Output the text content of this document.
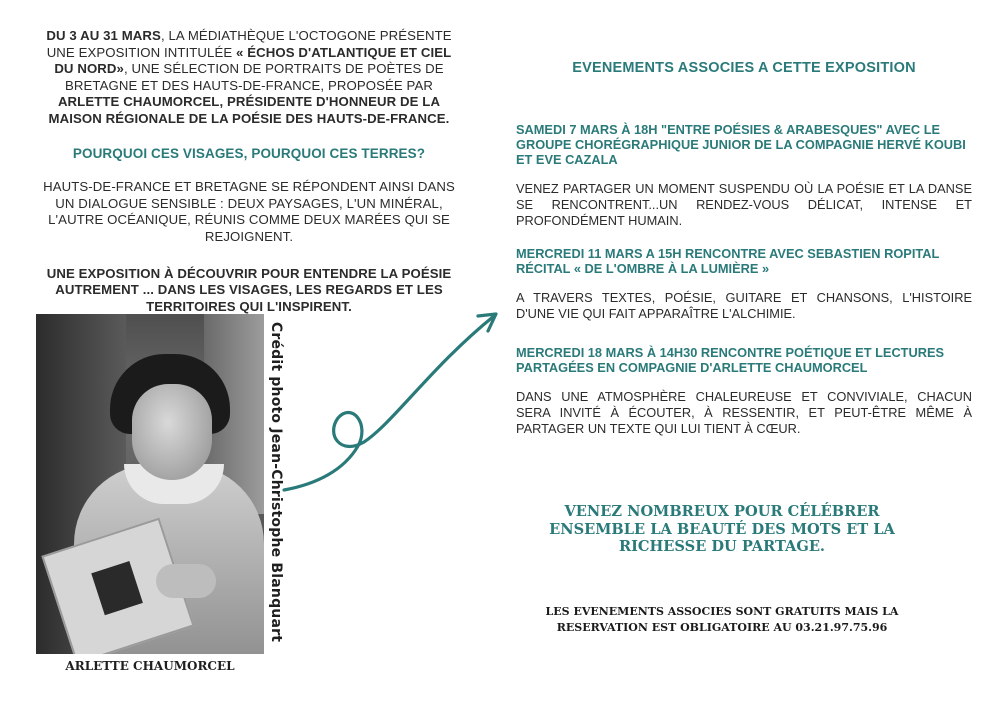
DU 3 AU 31 MARS, LA MÉDIATHÈQUE L'OCTOGONE PRÉSENTE UNE EXPOSITION INTITULÉE « ÉCHOS D'ATLANTIQUE ET CIEL DU NORD», UNE SÉLECTION DE PORTRAITS DE POÈTES DE BRETAGNE ET DES HAUTS-DE-FRANCE, PROPOSÉE PAR ARLETTE CHAUMORCEL, PRÉSIDENTE D'HONNEUR DE LA MAISON RÉGIONALE DE LA POÉSIE DES HAUTS-DE-FRANCE.

POURQUOI CES VISAGES, POURQUOI CES TERRES?

HAUTS-DE-FRANCE ET BRETAGNE SE RÉPONDENT AINSI DANS UN DIALOGUE SENSIBLE : DEUX PAYSAGES, L'UN MINÉRAL, L'AUTRE OCÉANIQUE, RÉUNIS COMME DEUX MARÉES QUI SE REJOIGNENT.

UNE EXPOSITION À DÉCOUVRIR POUR ENTENDRE LA POÉSIE AUTREMENT ... DANS LES VISAGES, LES REGARDS ET LES TERRITOIRES QUI L'INSPIRENT.

Crédit photo Jean-Christophe Blanquart
ARLETTE CHAUMORCEL
EVENEMENTS ASSOCIES A CETTE EXPOSITION
SAMEDI 7 MARS À 18H "ENTRE POÉSIES & ARABESQUES" AVEC LE GROUPE CHORÉGRAPHIQUE JUNIOR DE LA COMPAGNIE HERVÉ KOUBI ET EVE CAZALA
VENEZ PARTAGER UN MOMENT SUSPENDU OÙ LA POÉSIE ET LA DANSE SE RENCONTRENT...UN RENDEZ-VOUS DÉLICAT, INTENSE ET PROFONDÉMENT HUMAIN.
MERCREDI 11 MARS A 15H RENCONTRE AVEC SEBASTIEN ROPITAL
RÉCITAL « DE L'OMBRE À LA LUMIÈRE »
A TRAVERS TEXTES, POÉSIE, GUITARE ET CHANSONS, L'HISTOIRE D'UNE VIE QUI FAIT APPARAÎTRE L'ALCHIMIE.
MERCREDI 18 MARS À 14H30 RENCONTRE POÉTIQUE ET LECTURES PARTAGÉES EN COMPAGNIE D'ARLETTE CHAUMORCEL
DANS UNE ATMOSPHÈRE CHALEUREUSE ET CONVIVIALE, CHACUN SERA INVITÉ À ÉCOUTER, À RESSENTIR, ET PEUT-ÊTRE MÊME À PARTAGER UN TEXTE QUI LUI TIENT À CŒUR.
VENEZ NOMBREUX POUR CÉLÉBRER ENSEMBLE LA BEAUTÉ DES MOTS ET LA RICHESSE DU PARTAGE.
LES EVENEMENTS ASSOCIES SONT GRATUITS MAIS LA RESERVATION EST OBLIGATOIRE AU 03.21.97.75.96
